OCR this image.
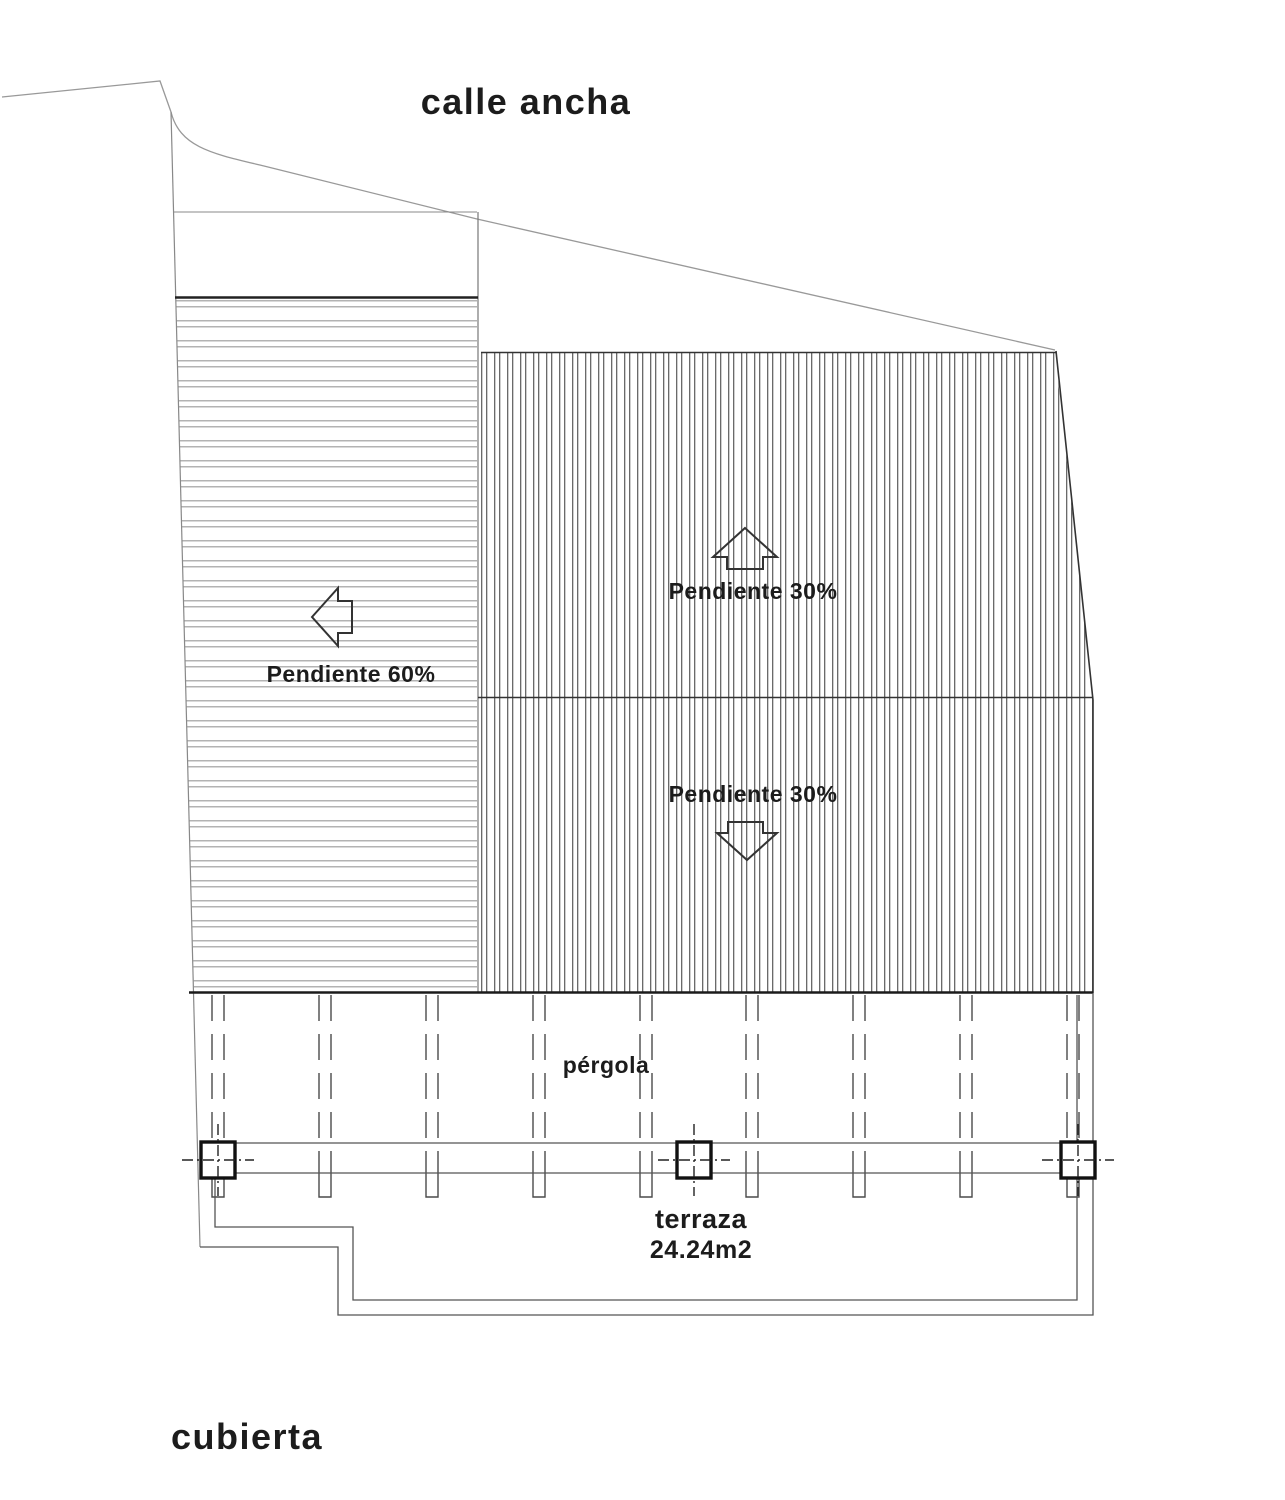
calle ancha
Pendiente 60%
Pendiente 30%
Pendiente 30%
pérgola
terraza
24.24m2
cubierta
